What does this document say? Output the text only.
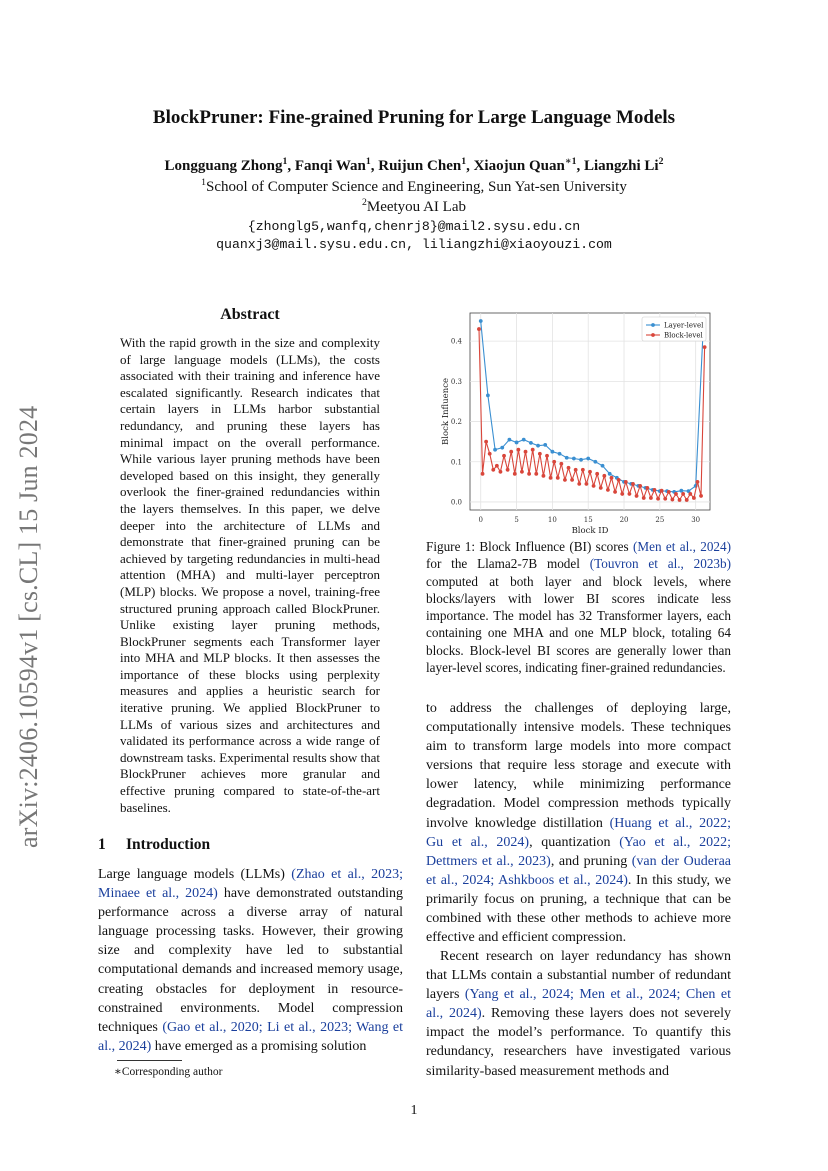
BlockPruner: Fine-grained Pruning for Large Language Models
Longguang Zhong$^1$, Fanqi Wan$^1$, Ruijun Chen$^1$, Xiaojun Quan$^{∗1}$, Liangzhi Li$^2$
$^1$School of Computer Science and Engineering, Sun Yat-sen University
$^2$Meetyou AI Lab
{zhonglg5,wanfq,chenrj8}@mail2.sysu.edu.cn
quanxj3@mail.sysu.edu.cn, liliangzhi@xiaoyouzi.com
arXiv:2406.10594v1 [cs.CL] 15 Jun 2024
Abstract
With the rapid growth in the size and complexity of large language models (LLMs), the costs associated with their training and inference have escalated significantly. Research indicates that certain layers in LLMs harbor substantial redundancy, and pruning these layers has minimal impact on the overall performance. While various layer pruning methods have been developed based on this insight, they generally overlook the finer-grained redundancies within the layers themselves. In this paper, we delve deeper into the architecture of LLMs and demonstrate that finer-grained pruning can be achieved by targeting redundancies in multi-head attention (MHA) and multi-layer perceptron (MLP) blocks. We propose a novel, training-free structured pruning approach called BlockPruner. Unlike existing layer pruning methods, BlockPruner segments each Transformer layer into MHA and MLP blocks. It then assesses the importance of these blocks using perplexity measures and applies a heuristic search for iterative pruning. We applied BlockPruner to LLMs of various sizes and architectures and validated its performance across a wide range of downstream tasks. Experimental results show that BlockPruner achieves more granular and effective pruning compared to state-of-the-art baselines.
1 Introduction
Large language models (LLMs) (Zhao et al., 2023; Minaee et al., 2024) have demonstrated outstanding performance across a diverse array of natural language processing tasks. However, their growing size and complexity have led to substantial computational demands and increased memory usage, creating obstacles for deployment in resource-constrained environments. Model compression techniques (Gao et al., 2020; Li et al., 2023; Wang et al., 2024) have emerged as a promising solution
0	5	10	15	20	25	30
0.0
0.1
0.2
0.3
0.4
Block ID
Block Influence
Layer-level
Block-level
Figure 1: Block Influence (BI) scores (Men et al., 2024) for the Llama2-7B model (Touvron et al., 2023b) computed at both layer and block levels, where blocks/layers with lower BI scores indicate less importance. The model has 32 Transformer layers, each containing one MHA and one MLP block, totaling 64 blocks. Block-level BI scores are generally lower than layer-level scores, indicating finer-grained redundancies.
to address the challenges of deploying large, computationally intensive models. These techniques aim to transform large models into more compact versions that require less storage and execute with lower latency, while minimizing performance degradation. Model compression methods typically involve knowledge distillation (Huang et al., 2022; Gu et al., 2024), quantization (Yao et al., 2022; Dettmers et al., 2023), and pruning (van der Ouderaa et al., 2024; Ashkboos et al., 2024). In this study, we primarily focus on pruning, a technique that can be combined with these other methods to achieve more effective and efficient compression.
Recent research on layer redundancy has shown that LLMs contain a substantial number of redundant layers (Yang et al., 2024; Men et al., 2024; Chen et al., 2024). Removing these layers does not severely impact the model’s performance. To quantify this redundancy, researchers have investigated various similarity-based measurement methods and
∗Corresponding author
1
